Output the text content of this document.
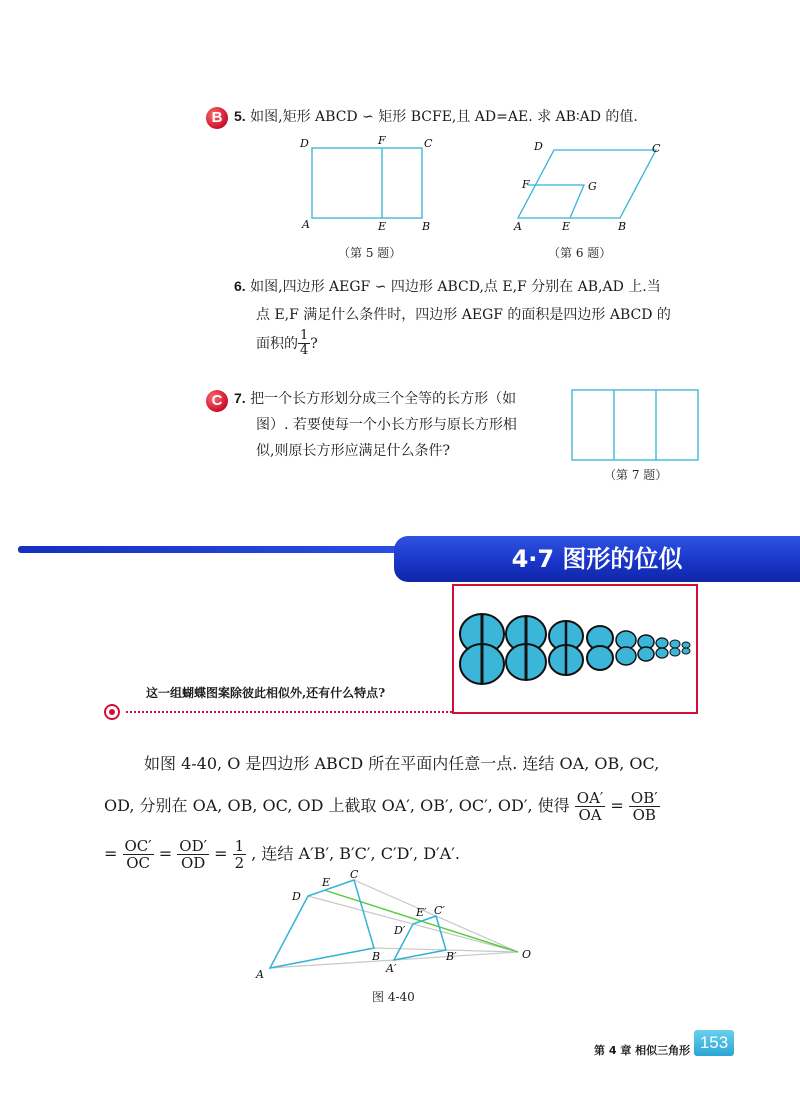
B 5. 如图,矩形 ABCD ∽ 矩形 BCFE,且 AD=AE. 求 AB∶AD 的值.
D	F	C
A	E	B
（第 5 题）
D	C
F	G
A	E	B
（第 6 题）
6. 如图,四边形 AEGF ∽ 四边形 ABCD,点 E,F 分别在 AB,AD 上.当
点 E,F 满足什么条件时，四边形 AEGF 的面积是四边形 ABCD 的
面积的 $\frac{1}{4}$ ?
C 7. 把一个长方形划分成三个全等的长方形（如
图）. 若要使每一个小长方形与原长方形相
似,则原长方形应满足什么条件?
（第 7 题）
4·7 图形的位似
这一组蝴蝶图案除彼此相似外,还有什么特点?
如图 4-40, O 是四边形 ABCD 所在平面内任意一点. 连结 OA, OB, OC,
OD, 分别在 OA, OB, OC, OD 上截取 OA′, OB′, OC′, OD′, 使得 $\frac{OA'}{OA} = \frac{OB'}{OB}$
= $\frac{OC'}{OC} = \frac{OD'}{OD} = \frac{1}{2}$ , 连结 A′B′, B′C′, C′D′, D′A′.
E
C
D
E′ C′
D′
B	B′
A′
A
O
图 4-40
第 4 章 相似三角形 153
